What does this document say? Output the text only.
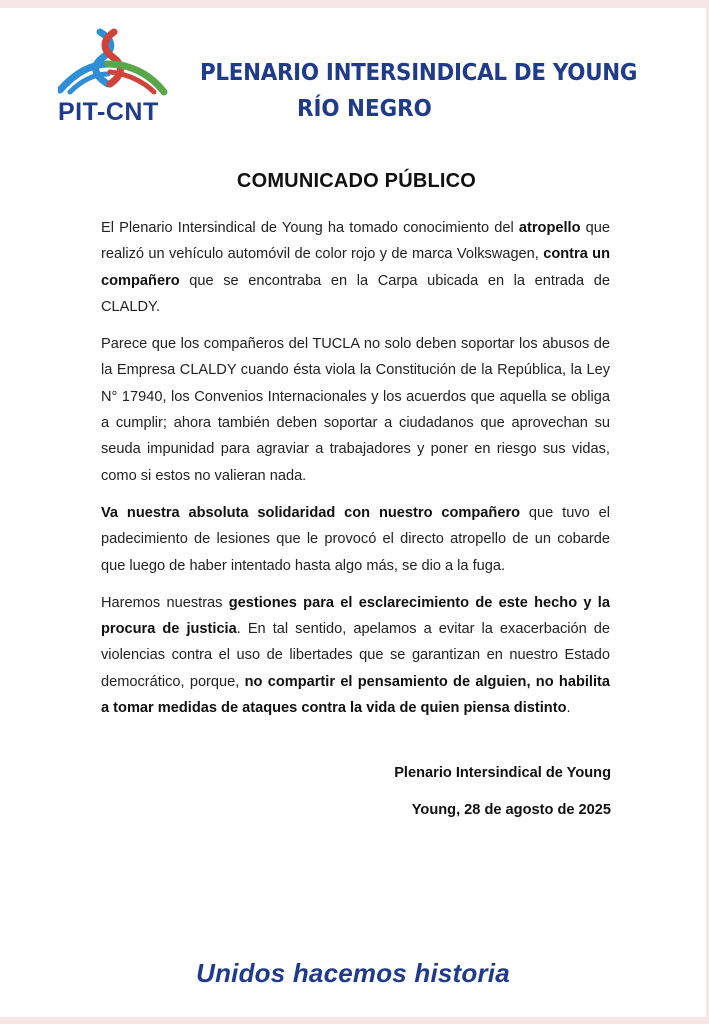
PIT-CNT
PLENARIO INTERSINDICAL DE YOUNG
RÍO NEGRO
COMUNICADO PÚBLICO

El Plenario Intersindical de Young ha tomado conocimiento del atropello que realizó un vehículo automóvil de color rojo y de marca Volkswagen, contra un compañero que se encontraba en la Carpa ubicada en la entrada de CLALDY.

Parece que los compañeros del TUCLA no solo deben soportar los abusos de la Empresa CLALDY cuando ésta viola la Constitución de la República, la Ley N° 17940, los Convenios Internacionales y los acuerdos que aquella se obliga a cumplir; ahora también deben soportar a ciudadanos que aprovechan su seuda impunidad para agraviar a trabajadores y poner en riesgo sus vidas, como si estos no valieran nada.

Va nuestra absoluta solidaridad con nuestro compañero que tuvo el padecimiento de lesiones que le provocó el directo atropello de un cobarde que luego de haber intentado hasta algo más, se dio a la fuga.

Haremos nuestras gestiones para el esclarecimiento de este hecho y la procura de justicia. En tal sentido, apelamos a evitar la exacerbación de violencias contra el uso de libertades que se garantizan en nuestro Estado democrático, porque, no compartir el pensamiento de alguien, no habilita a tomar medidas de ataques contra la vida de quien piensa distinto.

Plenario Intersindical de Young
Young, 28 de agosto de 2025
Unidos hacemos historia
